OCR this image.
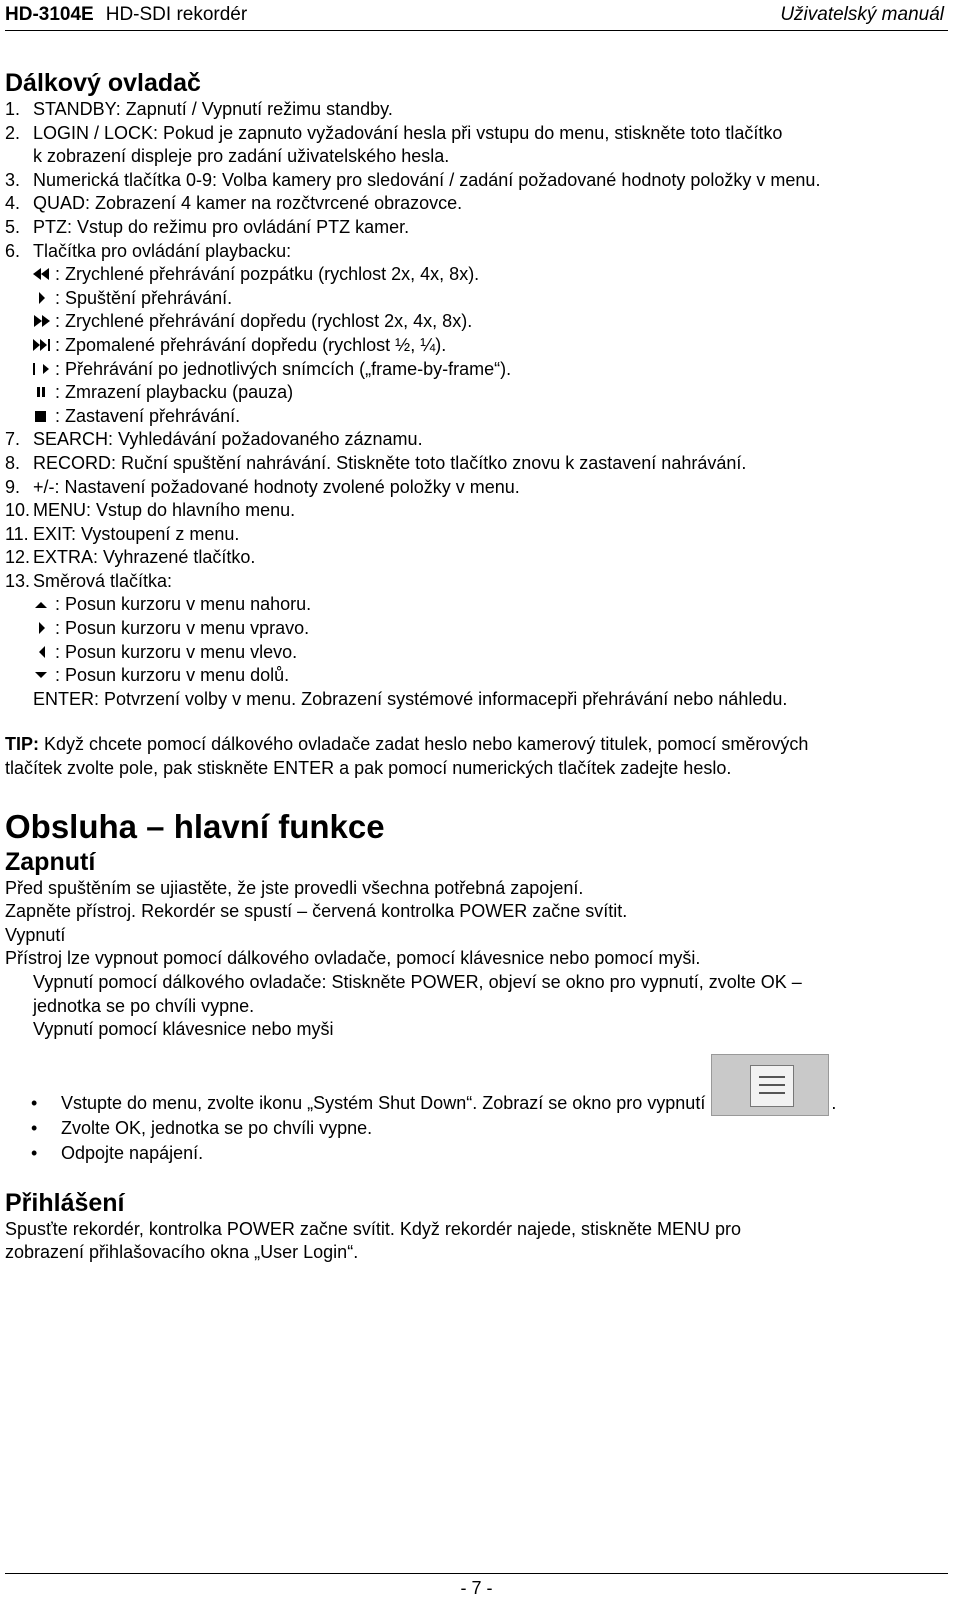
HD-3104E HD-SDI rekordér	Uživatelský manuál
Dálkový ovladač
1. STANDBY: Zapnutí / Vypnutí režimu standby.
2. LOGIN / LOCK: Pokud je zapnuto vyžadování hesla při vstupu do menu, stiskněte toto tlačítko
k zobrazení displeje pro zadání uživatelského hesla.
3. Numerická tlačítka 0-9: Volba kamery pro sledování / zadání požadované hodnoty položky v menu.
4. QUAD: Zobrazení 4 kamer na rozčtvrcené obrazovce.
5. PTZ: Vstup do režimu pro ovládání PTZ kamer.
6. Tlačítka pro ovládání playbacku:
: Zrychlené přehrávání pozpátku (rychlost 2x, 4x, 8x).
: Spuštění přehrávání.
: Zrychlené přehrávání dopředu (rychlost 2x, 4x, 8x).
: Zpomalené přehrávání dopředu (rychlost ½, ¼).
: Přehrávání po jednotlivých snímcích („frame-by-frame“).
: Zmrazení playbacku (pauza)
: Zastavení přehrávání.
7. SEARCH: Vyhledávání požadovaného záznamu.
8. RECORD: Ruční spuštění nahrávání. Stiskněte toto tlačítko znovu k zastavení nahrávání.
9. +/-: Nastavení požadované hodnoty zvolené položky v menu.
10. MENU: Vstup do hlavního menu.
11. EXIT: Vystoupení z menu.
12. EXTRA: Vyhrazené tlačítko.
13. Směrová tlačítka:
: Posun kurzoru v menu nahoru.
: Posun kurzoru v menu vpravo.
: Posun kurzoru v menu vlevo.
: Posun kurzoru v menu dolů.
ENTER: Potvrzení volby v menu. Zobrazení systémové informacepři přehrávání nebo náhledu.
TIP: Když chcete pomocí dálkového ovladače zadat heslo nebo kamerový titulek, pomocí směrových
tlačítek zvolte pole, pak stiskněte ENTER a pak pomocí numerických tlačítek zadejte heslo.
Obsluha – hlavní funkce
Zapnutí
Před spuštěním se ujiastěte, že jste provedli všechna potřebná zapojení.
Zapněte přístroj. Rekordér se spustí – červená kontrolka POWER začne svítit.
Vypnutí
Přístroj lze vypnout pomocí dálkového ovladače, pomocí klávesnice nebo pomocí myši.
Vypnutí pomocí dálkového ovladače: Stiskněte POWER, objeví se okno pro vypnutí, zvolte OK –
jednotka se po chvíli vypne.
Vypnutí pomocí klávesnice nebo myši
•	Vstupte do menu, zvolte ikonu „Systém Shut Down“. Zobrazí se okno pro vypnutí	.
•	Zvolte OK, jednotka se po chvíli vypne.
•	Odpojte napájení.
Přihlášení
Spusťte rekordér, kontrolka POWER začne svítit. Když rekordér najede, stiskněte MENU pro
zobrazení přihlašovacího okna „User Login“.
- 7 -
